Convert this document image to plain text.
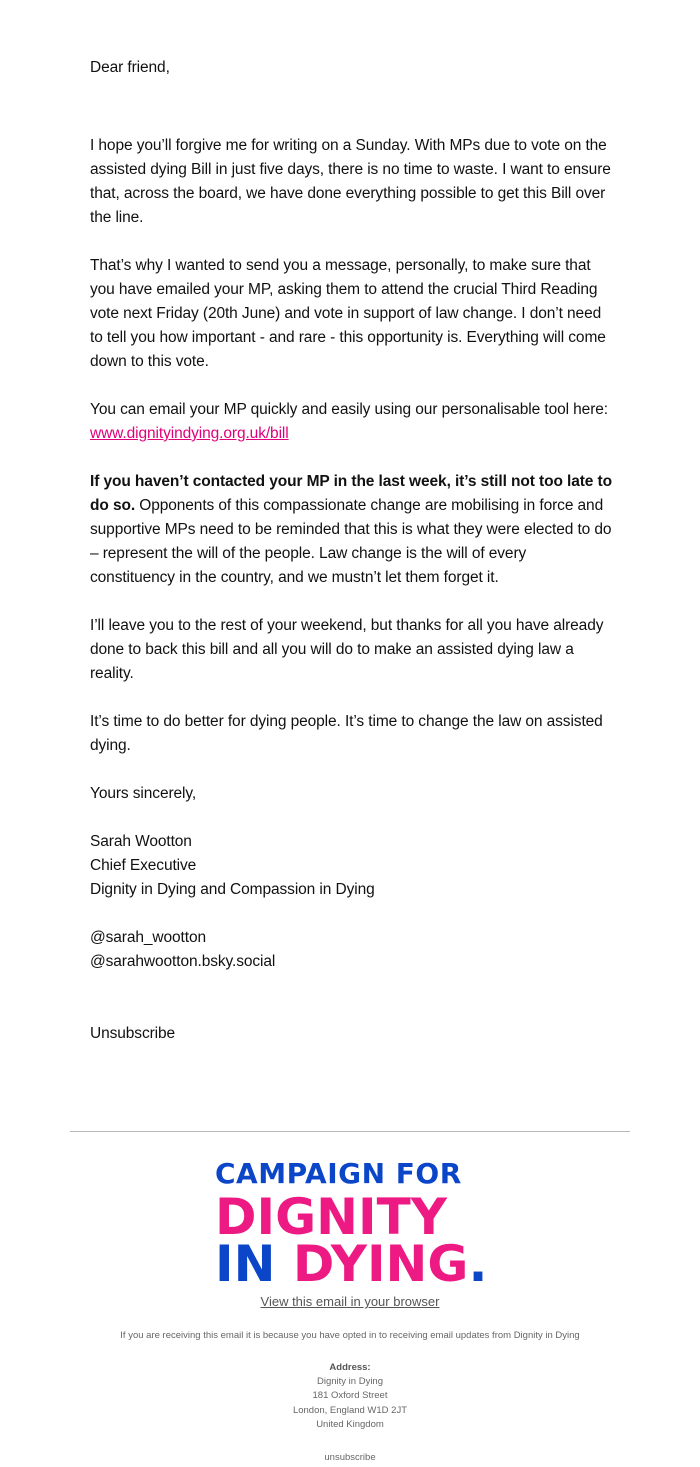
Dear friend,

I hope you’ll forgive me for writing on a Sunday. With MPs due to vote on the assisted dying Bill in just five days, there is no time to waste. I want to ensure that, across the board, we have done everything possible to get this Bill over the line.

That’s why I wanted to send you a message, personally, to make sure that you have emailed your MP, asking them to attend the crucial Third Reading vote next Friday (20th June) and vote in support of law change. I don’t need to tell you how important - and rare - this opportunity is. Everything will come down to this vote.

You can email your MP quickly and easily using our personalisable tool here:
www.dignityindying.org.uk/bill

If you haven’t contacted your MP in the last week, it’s still not too late to do so. Opponents of this compassionate change are mobilising in force and supportive MPs need to be reminded that this is what they were elected to do – represent the will of the people. Law change is the will of every constituency in the country, and we mustn’t let them forget it.

I’ll leave you to the rest of your weekend, but thanks for all you have already done to back this bill and all you will do to make an assisted dying law a reality.

It’s time to do better for dying people. It’s time to change the law on assisted dying.

Yours sincerely,

Sarah Wootton

Chief Executive

Dignity in Dying and Compassion in Dying

@sarah_wootton

@sarahwootton.bsky.social

Unsubscribe

CAMPAIGN FOR
DIGNITY
IN DYING.
View this email in your browser
If you are receiving this email it is because you have opted in to receiving email updates from Dignity in Dying
Address:
Dignity in Dying
181 Oxford Street
London, England W1D 2JT
United Kingdom
unsubscribe
